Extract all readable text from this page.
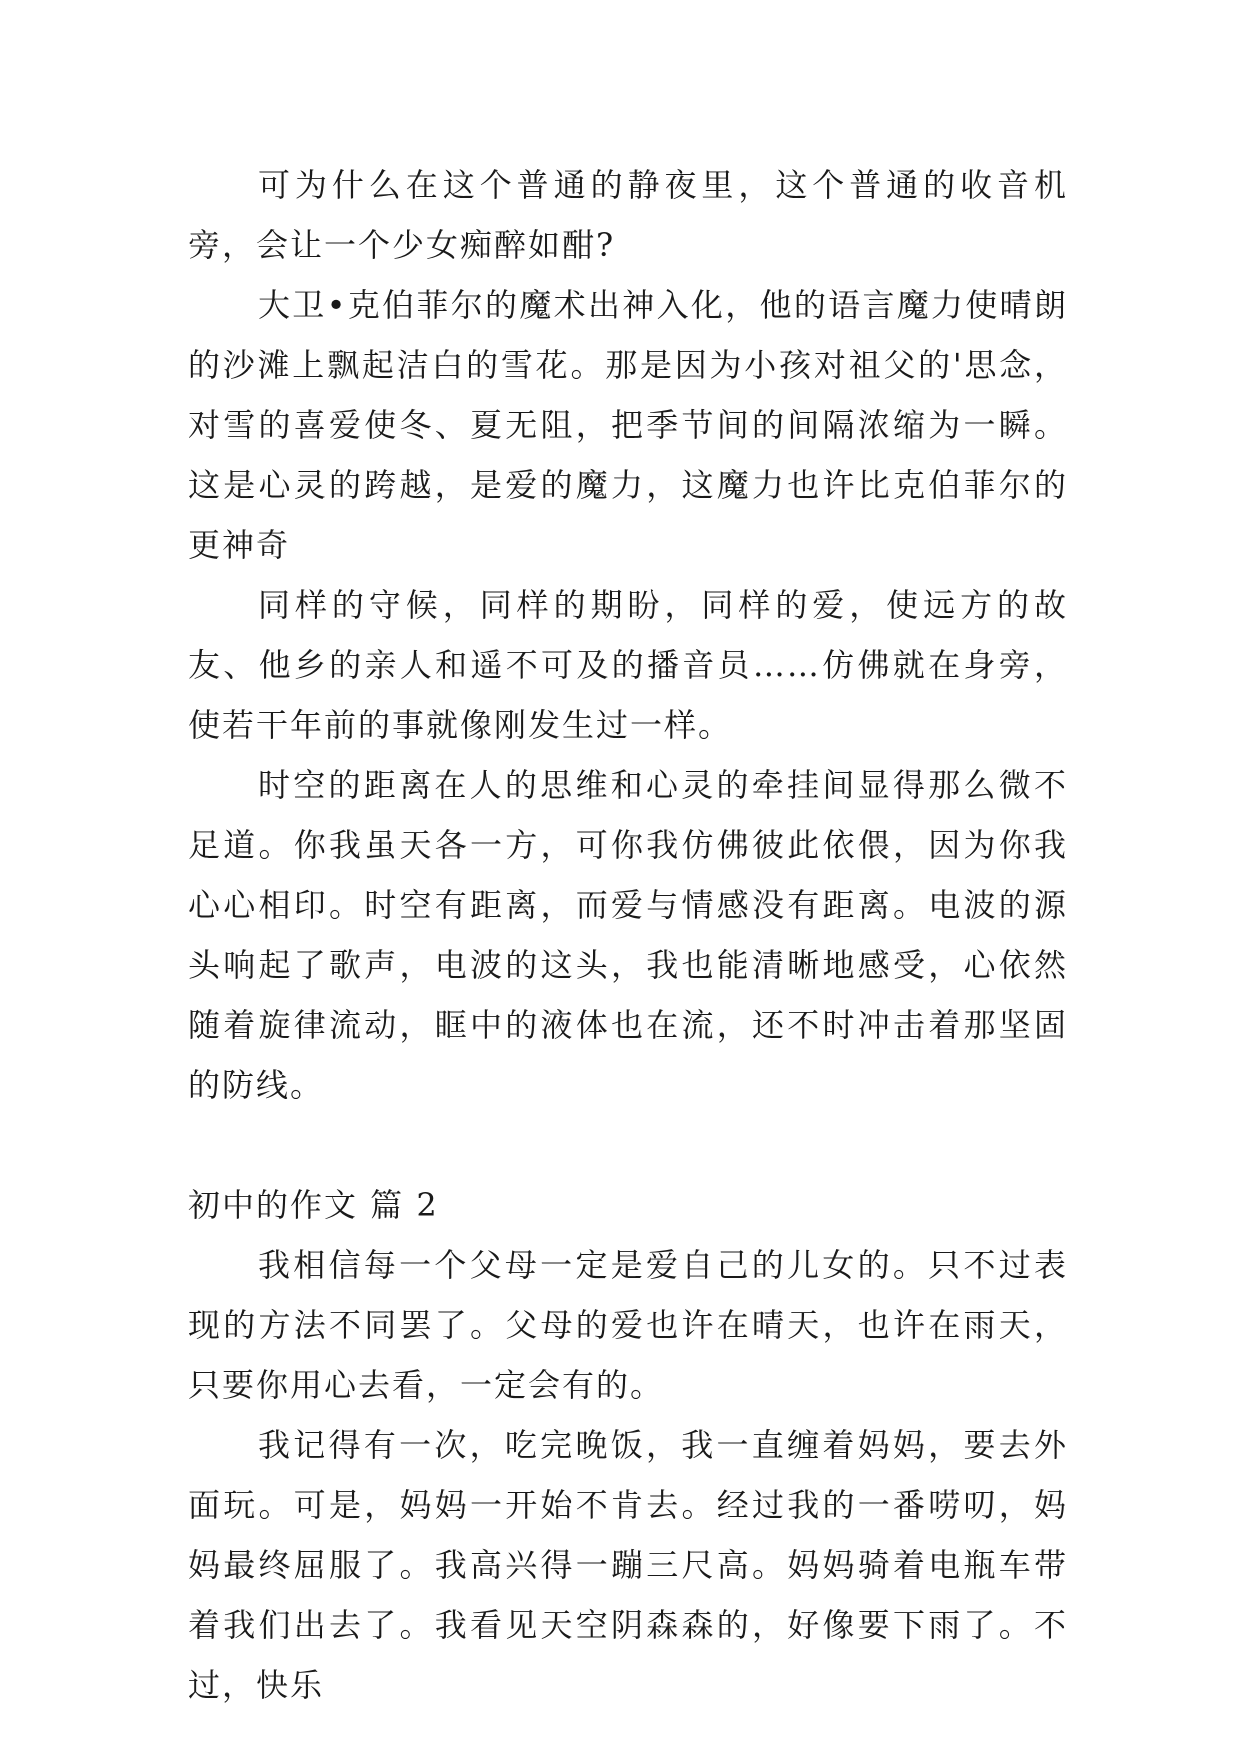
可为什么在这个普通的静夜里，这个普通的收音机旁，会让一个少女痴醉如酣?

大卫•克伯菲尔的魔术出神入化，他的语言魔力使晴朗的沙滩上飘起洁白的雪花。那是因为小孩对祖父的'思念，对雪的喜爱使冬、夏无阻，把季节间的间隔浓缩为一瞬。这是心灵的跨越，是爱的魔力，这魔力也许比克伯菲尔的更神奇

同样的守候，同样的期盼，同样的爱，使远方的故友、他乡的亲人和遥不可及的播音员……仿佛就在身旁，使若干年前的事就像刚发生过一样。

时空的距离在人的思维和心灵的牵挂间显得那么微不足道。你我虽天各一方，可你我仿佛彼此依偎，因为你我心心相印。时空有距离，而爱与情感没有距离。电波的源头响起了歌声，电波的这头，我也能清晰地感受，心依然随着旋律流动，眶中的液体也在流，还不时冲击着那坚固的防线。

初中的作文 篇 2

我相信每一个父母一定是爱自己的儿女的。只不过表现的方法不同罢了。父母的爱也许在晴天，也许在雨天，只要你用心去看，一定会有的。

我记得有一次，吃完晚饭，我一直缠着妈妈，要去外面玩。可是，妈妈一开始不肯去。经过我的一番唠叨，妈妈最终屈服了。我高兴得一蹦三尺高。妈妈骑着电瓶车带着我们出去了。我看见天空阴森森的，好像要下雨了。不过，快乐
